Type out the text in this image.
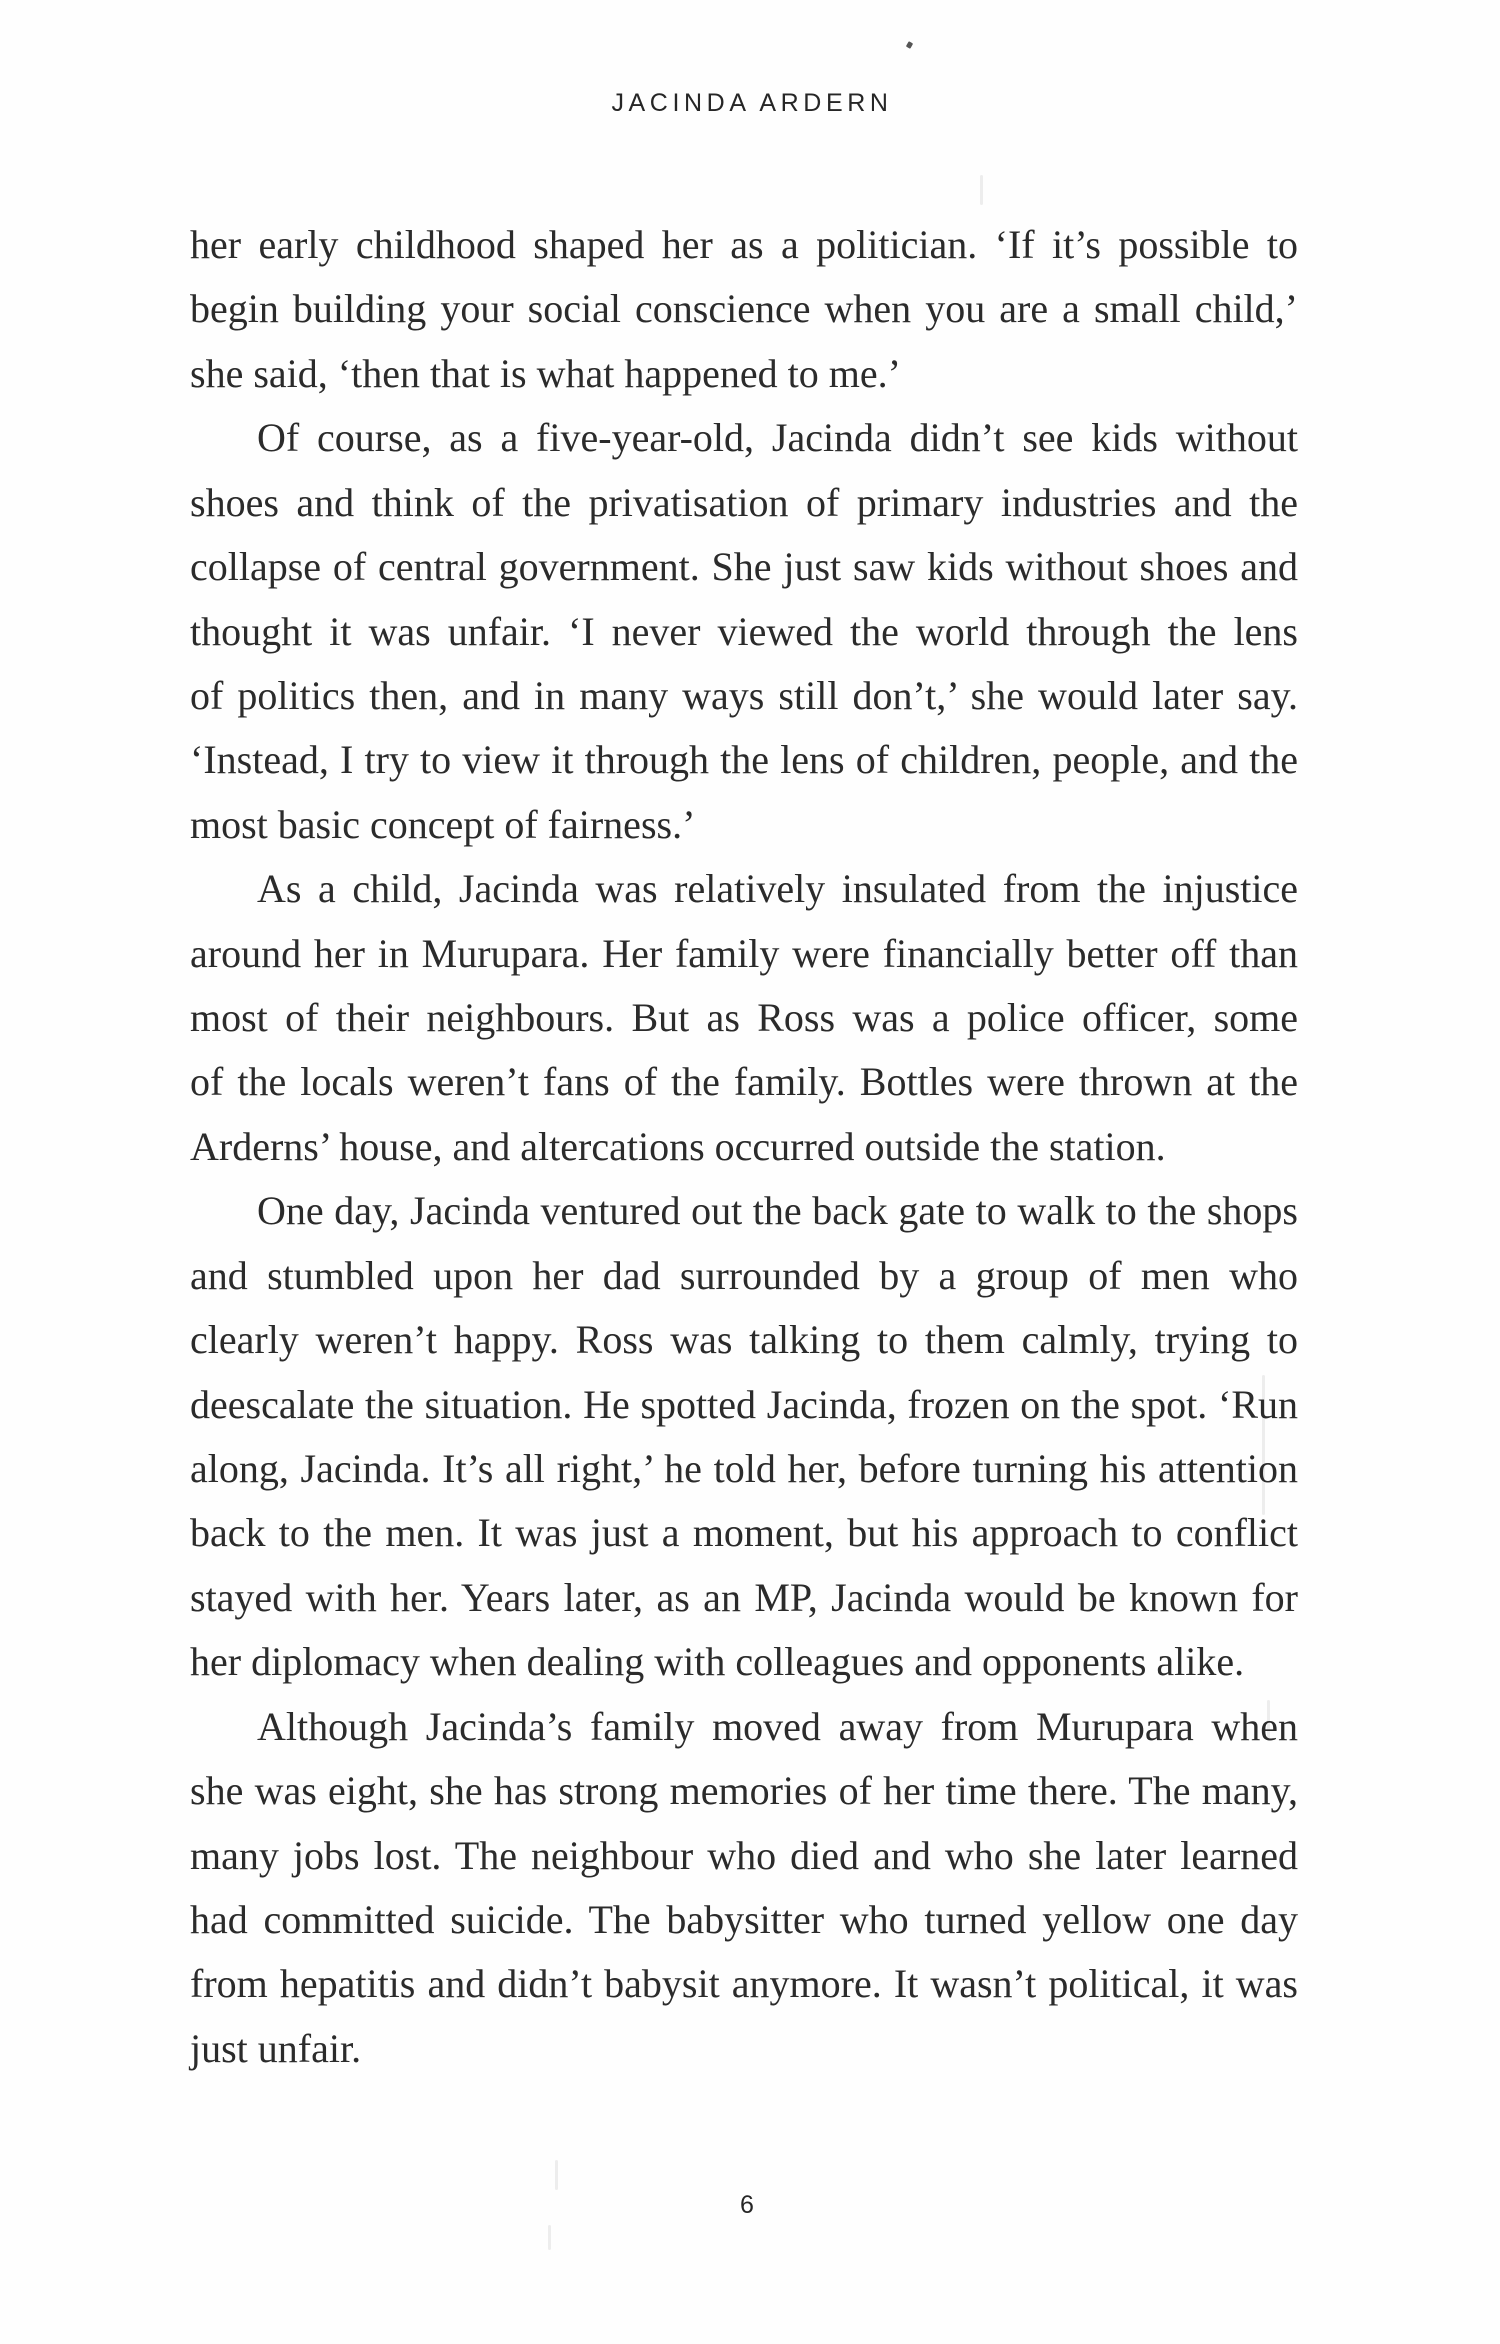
JACINDA ARDERN
her early childhood shaped her as a politician. ‘If it’s possible to
begin building your social conscience when you are a small child,’
she said, ‘then that is what happened to me.’
Of course, as a five-year-old, Jacinda didn’t see kids without
shoes and think of the privatisation of primary industries and the
collapse of central government. She just saw kids without shoes and
thought it was unfair. ‘I never viewed the world through the lens
of politics then, and in many ways still don’t,’ she would later say.
‘Instead, I try to view it through the lens of children, people, and the
most basic concept of fairness.’
As a child, Jacinda was relatively insulated from the injustice
around her in Murupara. Her family were financially better off than
most of their neighbours. But as Ross was a police officer, some
of the locals weren’t fans of the family. Bottles were thrown at the
Arderns’ house, and altercations occurred outside the station.
One day, Jacinda ventured out the back gate to walk to the shops
and stumbled upon her dad surrounded by a group of men who
clearly weren’t happy. Ross was talking to them calmly, trying to
deescalate the situation. He spotted Jacinda, frozen on the spot. ‘Run
along, Jacinda. It’s all right,’ he told her, before turning his attention
back to the men. It was just a moment, but his approach to conflict
stayed with her. Years later, as an MP, Jacinda would be known for
her diplomacy when dealing with colleagues and opponents alike.
Although Jacinda’s family moved away from Murupara when
she was eight, she has strong memories of her time there. The many,
many jobs lost. The neighbour who died and who she later learned
had committed suicide. The babysitter who turned yellow one day
from hepatitis and didn’t babysit anymore. It wasn’t political, it was
just unfair.
6
